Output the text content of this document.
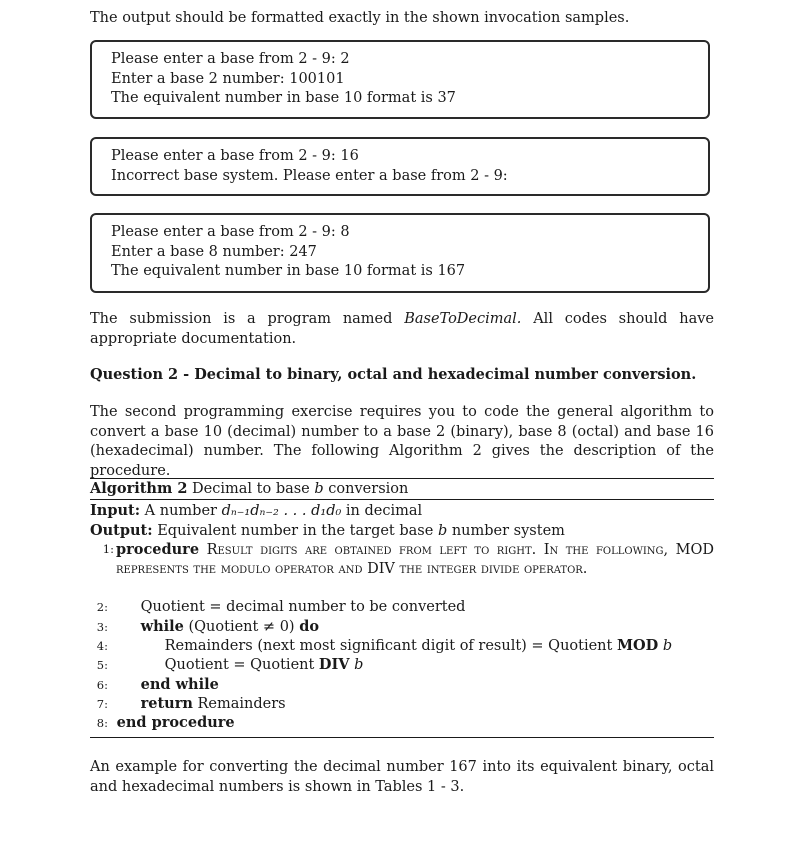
The output should be formatted exactly in the shown invocation samples.
Please enter a base from 2 - 9: 2
Enter a base 2 number: 100101
The equivalent number in base 10 format is 37
Please enter a base from 2 - 9: 16
Incorrect base system. Please enter a base from 2 - 9:
Please enter a base from 2 - 9: 8
Enter a base 8 number: 247
The equivalent number in base 10 format is 167
The submission is a program named BaseToDecimal. All codes should have appropriate documentation.
Question 2 - Decimal to binary, octal and hexadecimal number conversion.
The second programming exercise requires you to code the general algorithm to convert a base 10 (decimal) number to a base 2 (binary), base 8 (octal) and base 16 (hexadecimal) number. The following Algorithm 2 gives the description of the procedure.
Algorithm 2 Decimal to base b conversion
Input: A number dₙ₋₁dₙ₋₂ . . . d₁d₀ in decimal
Output: Equivalent number in the target base b number system
1: procedure Result digits are obtained from left to right. In the following, MOD represents the modulo operator and DIV the integer divide operator.
2: Quotient = decimal number to be converted
3: while (Quotient ≠ 0) do
4:	Remainders (next most significant digit of result) = Quotient MOD b
5:	Quotient = Quotient DIV b
6: end while
7: return Remainders
8: end procedure
An example for converting the decimal number 167 into its equivalent binary, octal and hexadecimal numbers is shown in Tables 1 - 3.
